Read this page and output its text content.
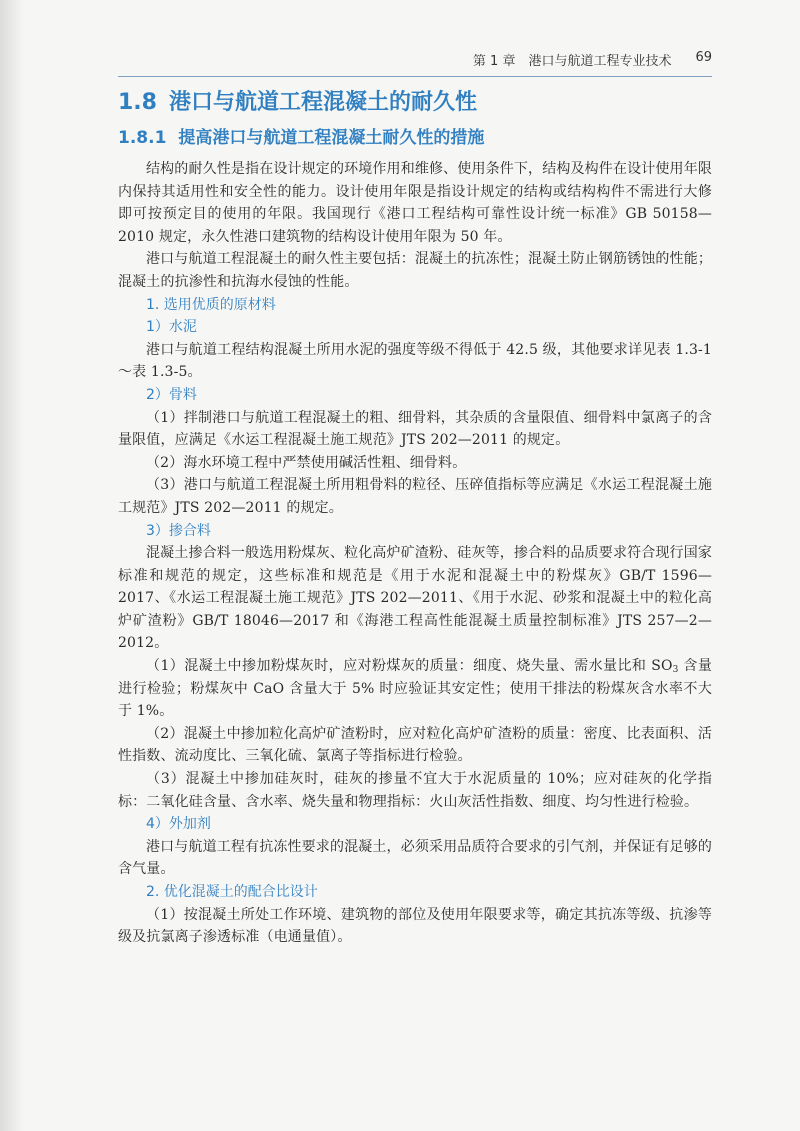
第 1 章　港口与航道工程专业技术 69
1.8 港口与航道工程混凝土的耐久性
1.8.1 提高港口与航道工程混凝土耐久性的措施

结构的耐久性是指在设计规定的环境作用和维修、使用条件下，结构及构件在设计使用年限内保持其适用性和安全性的能力。设计使用年限是指设计规定的结构或结构构件不需进行大修即可按预定目的使用的年限。我国现行《港口工程结构可靠性设计统一标准》GB 50158—2010 规定，永久性港口建筑物的结构设计使用年限为 50 年。

港口与航道工程混凝土的耐久性主要包括：混凝土的抗冻性；混凝土防止钢筋锈蚀的性能；混凝土的抗渗性和抗海水侵蚀的性能。

1. 选用优质的原材料
1）水泥

港口与航道工程结构混凝土所用水泥的强度等级不得低于 42.5 级，其他要求详见表 1.3-1～表 1.3-5。

2）骨料

（1）拌制港口与航道工程混凝土的粗、细骨料，其杂质的含量限值、细骨料中氯离子的含量限值，应满足《水运工程混凝土施工规范》JTS 202—2011 的规定。

（2）海水环境工程中严禁使用碱活性粗、细骨料。

（3）港口与航道工程混凝土所用粗骨料的粒径、压碎值指标等应满足《水运工程混凝土施工规范》JTS 202—2011 的规定。

3）掺合料

混凝土掺合料一般选用粉煤灰、粒化高炉矿渣粉、硅灰等，掺合料的品质要求符合现行国家标准和规范的规定，这些标准和规范是《用于水泥和混凝土中的粉煤灰》GB/T 1596—2017、《水运工程混凝土施工规范》JTS 202—2011、《用于水泥、砂浆和混凝土中的粒化高炉矿渣粉》GB/T 18046—2017 和《海港工程高性能混凝土质量控制标准》JTS 257—2—2012。

（1）混凝土中掺加粉煤灰时，应对粉煤灰的质量：细度、烧失量、需水量比和 $SO_3$ 含量进行检验；粉煤灰中 CaO 含量大于 5% 时应验证其安定性；使用干排法的粉煤灰含水率不大于 1%。

（2）混凝土中掺加粒化高炉矿渣粉时，应对粒化高炉矿渣粉的质量：密度、比表面积、活性指数、流动度比、三氧化硫、氯离子等指标进行检验。

（3）混凝土中掺加硅灰时，硅灰的掺量不宜大于水泥质量的 10%；应对硅灰的化学指标：二氧化硅含量、含水率、烧失量和物理指标：火山灰活性指数、细度、均匀性进行检验。

4）外加剂

港口与航道工程有抗冻性要求的混凝土，必须采用品质符合要求的引气剂，并保证有足够的含气量。

2. 优化混凝土的配合比设计

（1）按混凝土所处工作环境、建筑物的部位及使用年限要求等，确定其抗冻等级、抗渗等级及抗氯离子渗透标准（电通量值）。
